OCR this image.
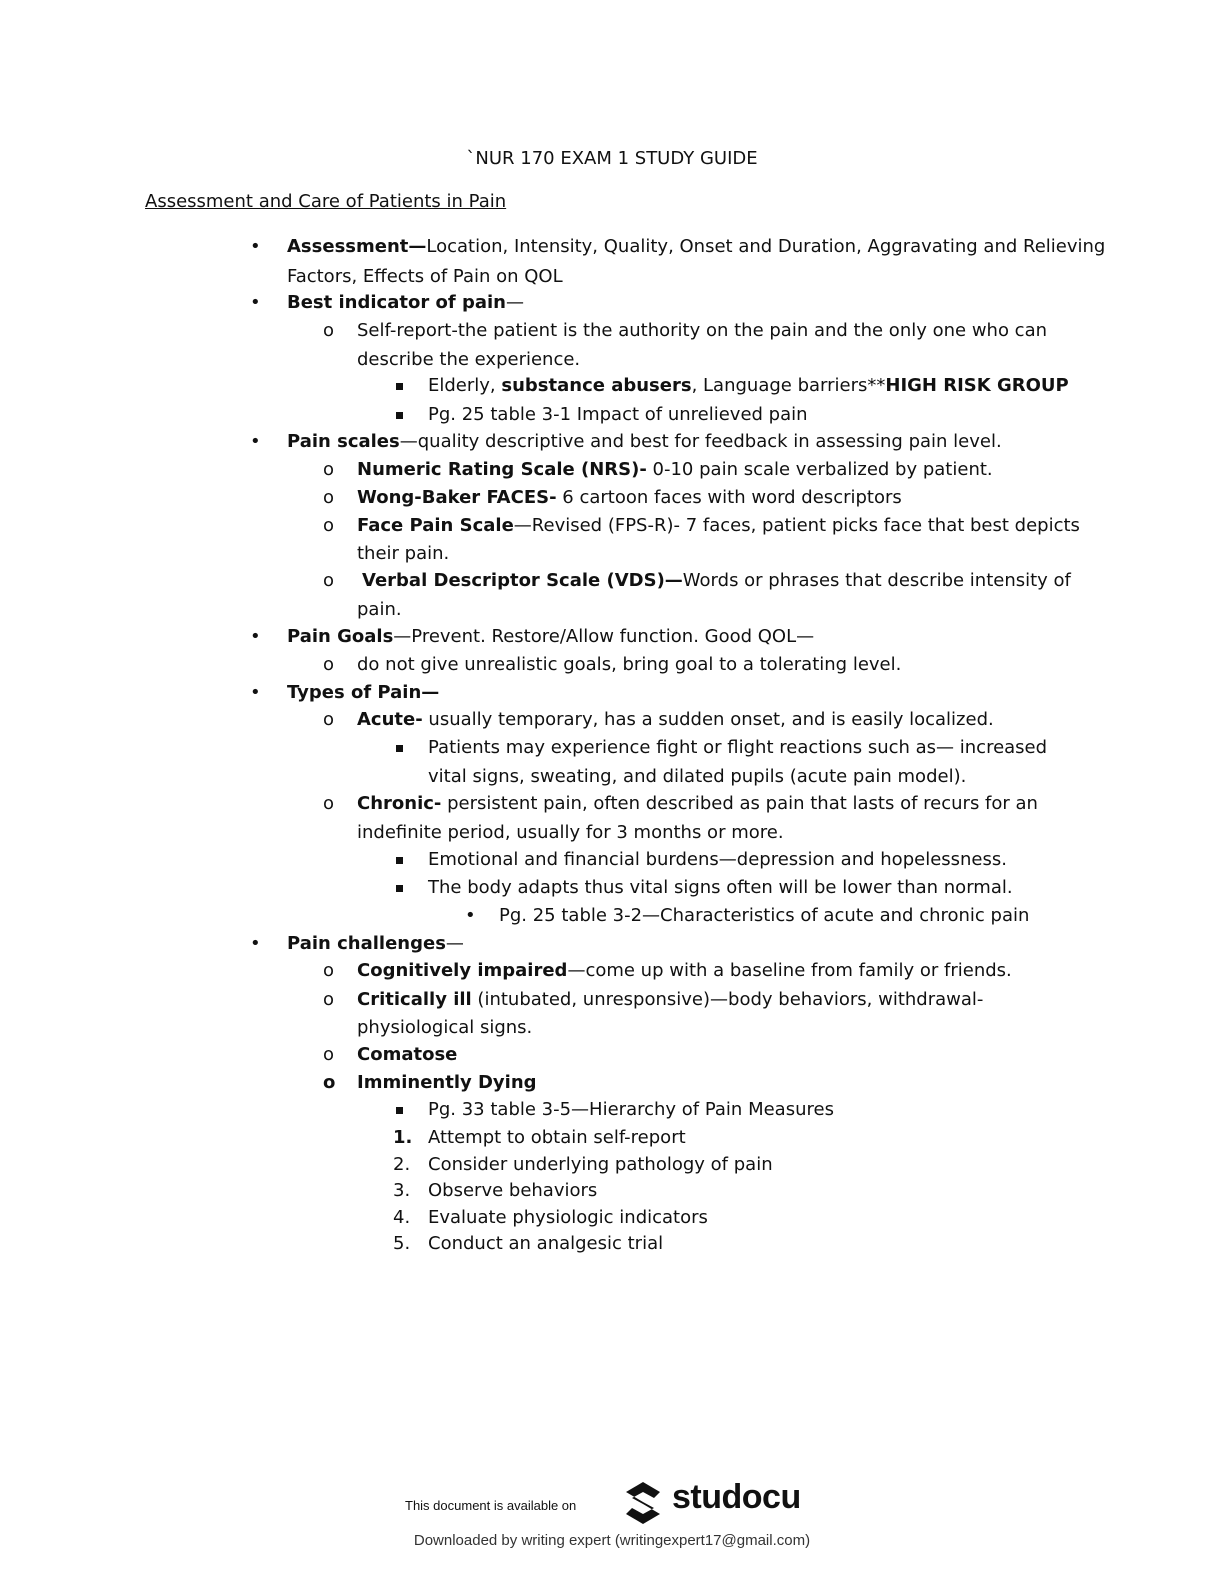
`NUR 170 EXAM 1 STUDY GUIDE
Assessment and Care of Patients in Pain
• Assessment—Location, Intensity, Quality, Onset and Duration, Aggravating and Relieving
Factors, Effects of Pain on QOL
• Best indicator of pain—
o Self-report-the patient is the authority on the pain and the only one who can
describe the experience.
Elderly, substance abusers, Language barriers**HIGH RISK GROUP
Pg. 25 table 3-1 Impact of unrelieved pain
• Pain scales—quality descriptive and best for feedback in assessing pain level.
o Numeric Rating Scale (NRS)- 0-10 pain scale verbalized by patient.
o Wong-Baker FACES- 6 cartoon faces with word descriptors
o Face Pain Scale—Revised (FPS-R)- 7 faces, patient picks face that best depicts
their pain.
o Verbal Descriptor Scale (VDS)—Words or phrases that describe intensity of
pain.
• Pain Goals—Prevent. Restore/Allow function. Good QOL—
o do not give unrealistic goals, bring goal to a tolerating level.
• Types of Pain—
o Acute- usually temporary, has a sudden onset, and is easily localized.
Patients may experience fight or flight reactions such as— increased
vital signs, sweating, and dilated pupils (acute pain model).
o Chronic- persistent pain, often described as pain that lasts of recurs for an
indefinite period, usually for 3 months or more.
Emotional and financial burdens—depression and hopelessness.
The body adapts thus vital signs often will be lower than normal.
• Pg. 25 table 3-2—Characteristics of acute and chronic pain
• Pain challenges—
o Cognitively impaired—come up with a baseline from family or friends.
o Critically ill (intubated, unresponsive)—body behaviors, withdrawal-
physiological signs.
o Comatose
o Imminently Dying
Pg. 33 table 3-5—Hierarchy of Pain Measures
1. Attempt to obtain self-report
2. Consider underlying pathology of pain
3. Observe behaviors
4. Evaluate physiologic indicators
5. Conduct an analgesic trial
This document is available on	studocu
Downloaded by writing expert (writingexpert17@gmail.com)
